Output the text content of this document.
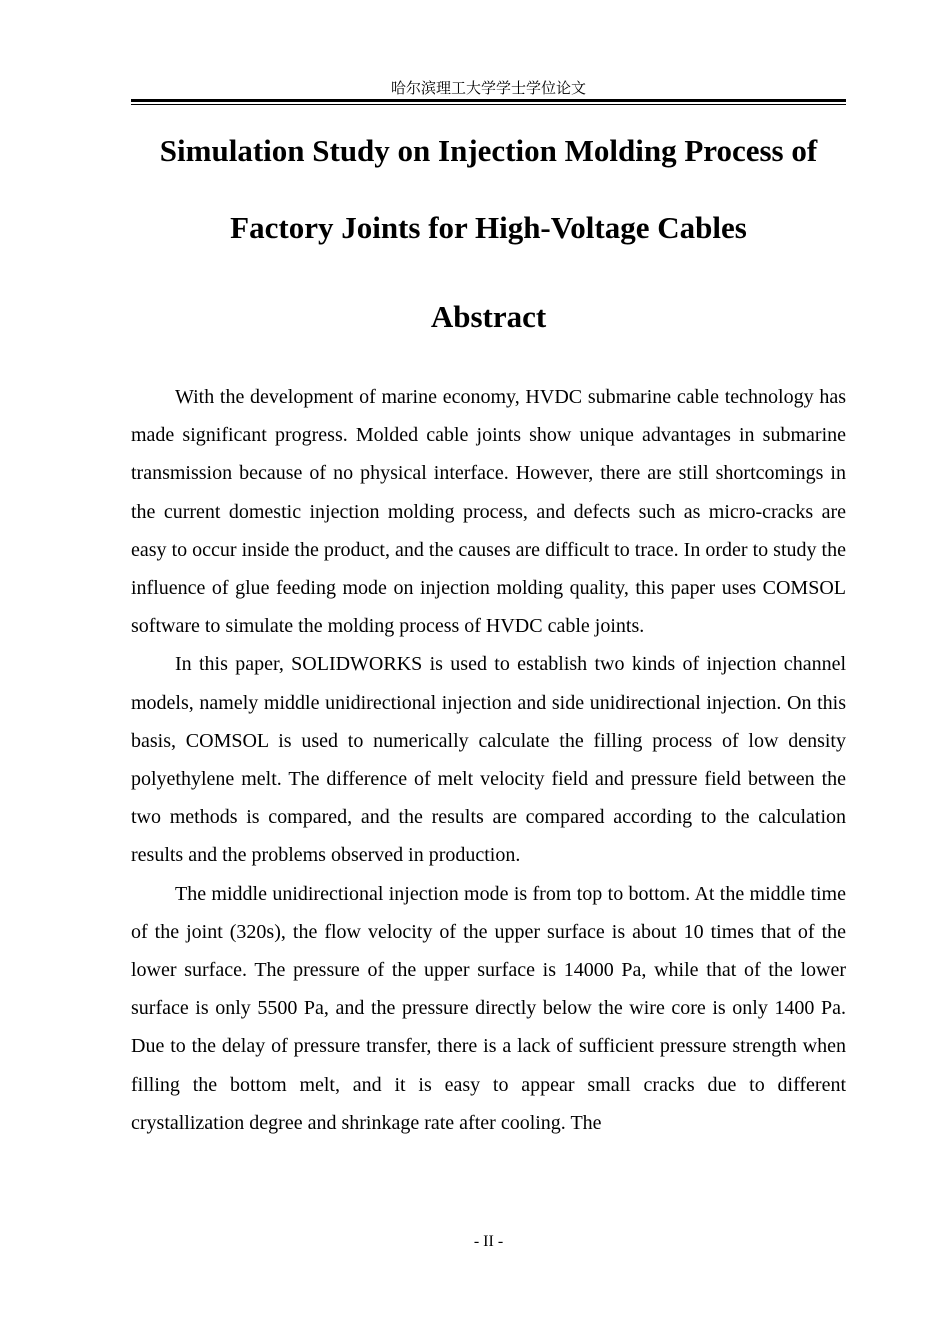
哈尔滨理工大学学士学位论文
Simulation Study on Injection Molding Process of
Factory Joints for High-Voltage Cables
Abstract

With the development of marine economy, HVDC submarine cable technology has made significant progress. Molded cable joints show unique advantages in submarine transmission because of no physical interface. However, there are still shortcomings in the current domestic injection molding process, and defects such as micro-cracks are easy to occur inside the product, and the causes are difficult to trace. In order to study the influence of glue feeding mode on injection molding quality, this paper uses COMSOL software to simulate the molding process of HVDC cable joints.

In this paper, SOLIDWORKS is used to establish two kinds of injection channel models, namely middle unidirectional injection and side unidirectional injection. On this basis, COMSOL is used to numerically calculate the filling process of low density polyethylene melt. The difference of melt velocity field and pressure field between the two methods is compared, and the results are compared according to the calculation results and the problems observed in production.

The middle unidirectional injection mode is from top to bottom. At the middle time of the joint (320s), the flow velocity of the upper surface is about 10 times that of the lower surface. The pressure of the upper surface is 14000 Pa, while that of the lower surface is only 5500 Pa, and the pressure directly below the wire core is only 1400 Pa. Due to the delay of pressure transfer, there is a lack of sufficient pressure strength when filling the bottom melt, and it is easy to appear small cracks due to different crystallization degree and shrinkage rate after cooling. The

- II -
